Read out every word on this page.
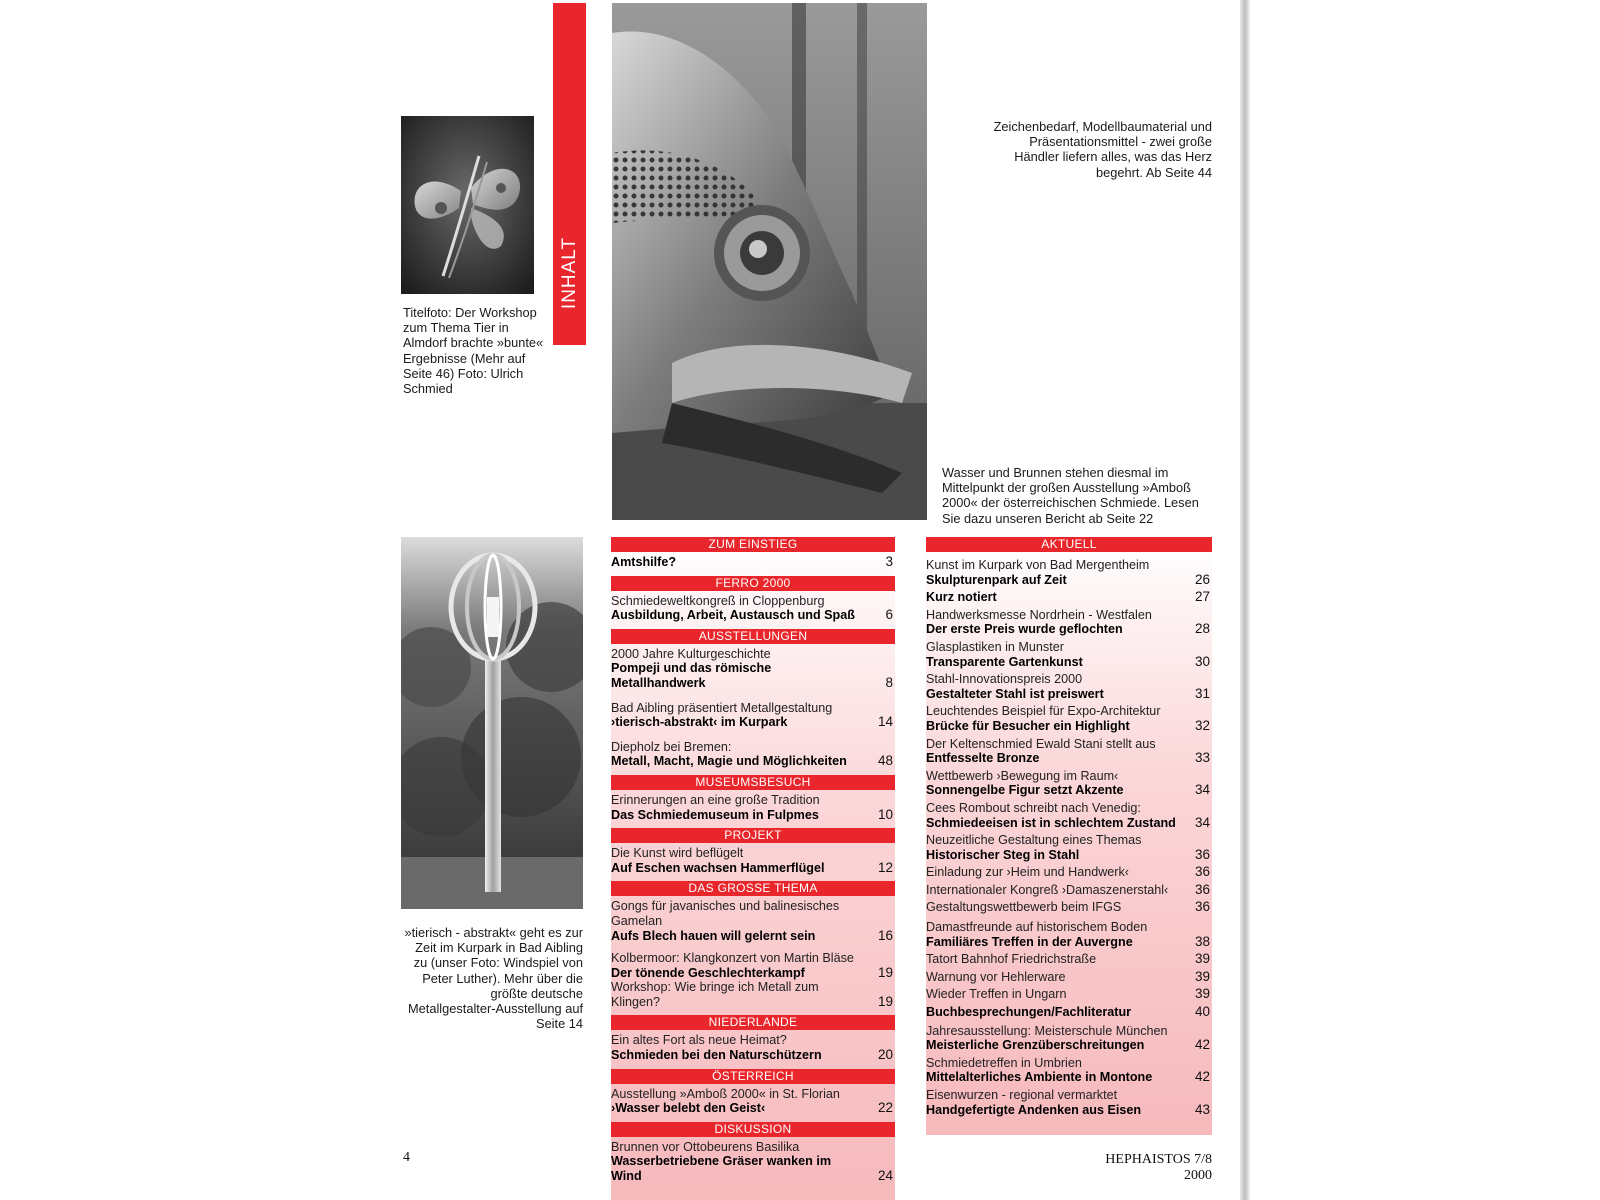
Titelfoto: Der Workshop zum Thema Tier in Almdorf brachte »bunte« Ergebnisse (Mehr auf Seite 46) Foto: Ulrich Schmied
INHALT
Zeichenbedarf, Modellbaumaterial und Präsentationsmittel - zwei große Händler liefern alles, was das Herz begehrt. Ab Seite 44
Wasser und Brunnen stehen diesmal im Mittelpunkt der großen Ausstellung »Amboß 2000« der österreichischen Schmiede. Lesen Sie dazu unseren Bericht ab Seite 22
»tierisch - abstrakt« geht es zur Zeit im Kurpark in Bad Aibling zu (unser Foto: Windspiel von Peter Luther). Mehr über die größte deutsche Metallgestalter-Ausstellung auf Seite 14
ZUM EINSTIEG
Amtshilfe?	3
FERRO 2000
Schmiedeweltkongreß in Cloppenburg
Ausbildung, Arbeit, Austausch und Spaß	6
AUSSTELLUNGEN
2000 Jahre Kulturgeschichte
Pompeji und das römische Metallhandwerk	8
Bad Aibling präsentiert Metallgestaltung
›tierisch-abstrakt‹ im Kurpark	14
Diepholz bei Bremen:
Metall, Macht, Magie und Möglichkeiten	48
MUSEUMSBESUCH
Erinnerungen an eine große Tradition
Das Schmiedemuseum in Fulpmes	10
PROJEKT
Die Kunst wird beflügelt
Auf Eschen wachsen Hammerflügel	12
DAS GROSSE THEMA
Gongs für javanisches und balinesisches Gamelan
Aufs Blech hauen will gelernt sein	16
Kolbermoor: Klangkonzert von Martin Bläse
Der tönende Geschlechterkampf	19
Workshop: Wie bringe ich Metall zum Klingen?	19
NIEDERLANDE
Ein altes Fort als neue Heimat?
Schmieden bei den Naturschützern	20
ÖSTERREICH
Ausstellung »Amboß 2000« in St. Florian
›Wasser belebt den Geist‹	22
DISKUSSION
Brunnen vor Ottobeurens Basilika
Wasserbetriebene Gräser wanken im Wind	24
AKTUELL
Kunst im Kurpark von Bad Mergentheim
Skulpturenpark auf Zeit	26
Kurz notiert	27
Handwerksmesse Nordrhein - Westfalen
Der erste Preis wurde geflochten	28
Glasplastiken in Munster
Transparente Gartenkunst	30
Stahl-Innovationspreis 2000
Gestalteter Stahl ist preiswert	31
Leuchtendes Beispiel für Expo-Architektur
Brücke für Besucher ein Highlight	32
Der Keltenschmied Ewald Stani stellt aus
Entfesselte Bronze	33
Wettbewerb ›Bewegung im Raum‹
Sonnengelbe Figur setzt Akzente	34
Cees Rombout schreibt nach Venedig:
Schmiedeeisen ist in schlechtem Zustand	34
Neuzeitliche Gestaltung eines Themas
Historischer Steg in Stahl	36
Einladung zur ›Heim und Handwerk‹	36
Internationaler Kongreß ›Damaszenerstahl‹	36
Gestaltungswettbewerb beim IFGS	36
Damastfreunde auf historischem Boden
Familiäres Treffen in der Auvergne	38
Tatort Bahnhof Friedrichstraße	39
Warnung vor Hehlerware	39
Wieder Treffen in Ungarn	39
Buchbesprechungen/Fachliteratur	40
Jahresausstellung: Meisterschule München
Meisterliche Grenzüberschreitungen	42
Schmiedetreffen in Umbrien
Mittelalterliches Ambiente in Montone	42
Eisenwurzen - regional vermarktet
Handgefertigte Andenken aus Eisen	43
4	HEPHAISTOS 7/8 2000
